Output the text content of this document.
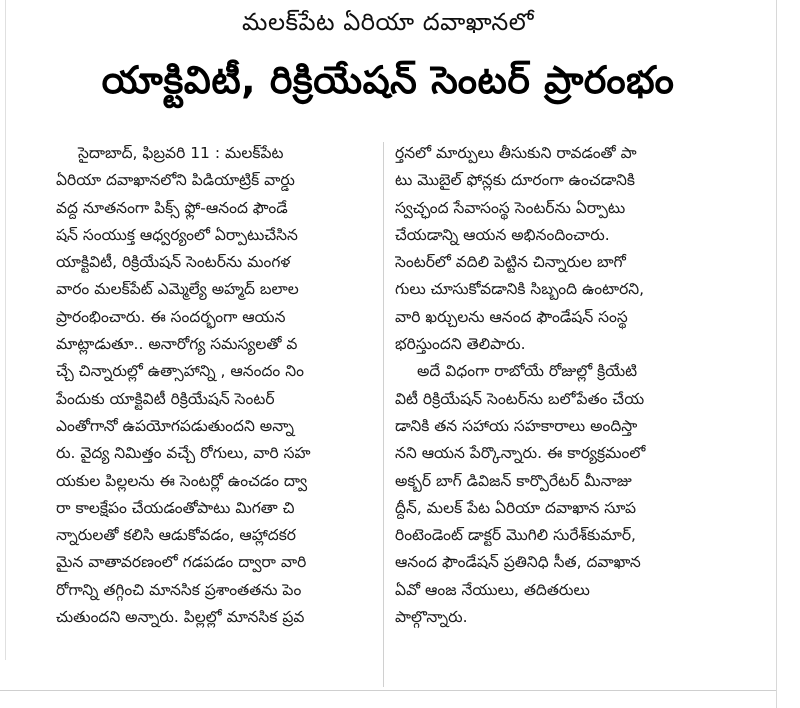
మలక్‌పేట ఏరియా దవాఖానలో
యాక్టివిటీ, రిక్రియేషన్ సెంటర్ ప్రారంభం
సైదాబాద్, ఫిబ్రవరి 11 : మలక్‌పేట
ఏరియా దవాఖానలోని పిడియాట్రిక్ వార్డు
వద్ద నూతనంగా పిక్స్ ఫ్లో-ఆనంద ఫౌండే
షన్ సంయుక్త ఆధ్వర్యంలో ఏర్పాటుచేసిన
యాక్టివిటీ, రిక్రియేషన్ సెంటర్‌ను మంగళ
వారం మలక్‌పేట్ ఎమ్మెల్యే అహ్మద్ బలాల
ప్రారంభించారు. ఈ సందర్భంగా ఆయన
మాట్లాడుతూ.. అనారోగ్య సమస్యలతో వ
చ్చే చిన్నారుల్లో ఉత్సాహాన్ని , ఆనందం నిం
పేందుకు యాక్టివిటీ రిక్రియేషన్ సెంటర్
ఎంతోగానో ఉపయోగపడుతుందని అన్నా
రు. వైద్య నిమిత్తం వచ్చే రోగులు, వారి సహ
యకుల పిల్లలను ఈ సెంటర్లో ఉంచడం ద్వా
రా కాలక్షేపం చేయడంతోపాటు మిగతా చి
న్నారులతో కలిసి ఆడుకోవడం, ఆహ్లాదకర
మైన వాతావరణంలో గడపడం ద్వారా వారి
రోగాన్ని తగ్గించి మానసిక ప్రశాంతతను పెం
చుతుందని అన్నారు. పిల్లల్లో మానసిక ప్రవ
ర్తనలో మార్పులు తీసుకుని రావడంతో పా
టు మొబైల్ ఫోన్లకు దూరంగా ఉంచడానికి
స్వచ్ఛంద సేవాసంస్థ సెంటర్‌ను ఏర్పాటు
చేయడాన్ని ఆయన అభినందించారు.
సెంటర్‌లో వదిలి పెట్టిన చిన్నారుల బాగో
గులు చూసుకోవడానికి సిబ్బంది ఉంటారని,
వారి ఖర్చులను ఆనంద ఫౌండేషన్ సంస్థ
భరిస్తుందని తెలిపారు.
అదే విధంగా రాబోయే రోజుల్లో క్రియేటి
విటీ రిక్రియేషన్ సెంటర్‌ను బలోపేతం చేయ
డానికి తన సహాయ సహకారాలు అందిస్తా
నని ఆయన పేర్కొన్నారు. ఈ కార్యక్రమంలో
అక్బర్ బాగ్ డివిజన్ కార్పొరేటర్ మీనాజు
ద్దీన్, మలక్ పేట ఏరియా దవాఖాన సూప
రింటెండెంట్ డాక్టర్ మొగిలి సురేశ్‌కుమార్,
ఆనంద ఫౌండేషన్ ప్రతినిధి సీత, దవాఖాన
ఏవో ఆంజ నేయులు, తదితరులు
పాల్గొన్నారు.
